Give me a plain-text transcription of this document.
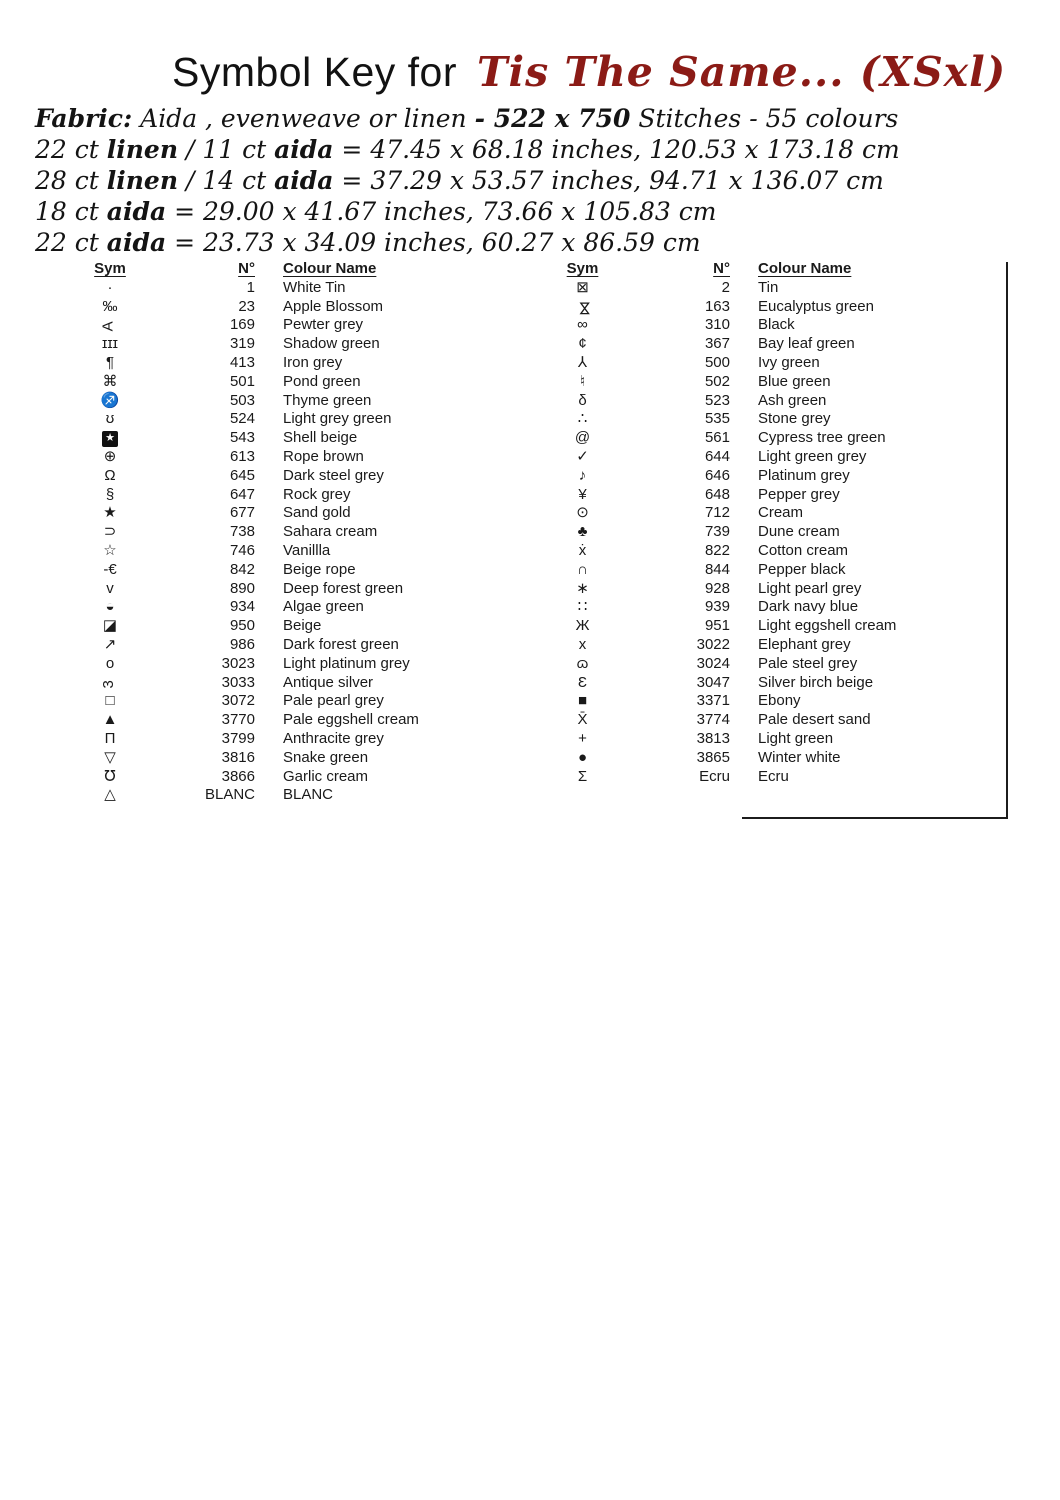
Symbol Key for Tis The Same... (XSxl)
Fabric: Aida , evenweave or linen - 522 x 750 Stitches - 55 colours
22 ct linen / 11 ct aida = 47.45 x 68.18 inches, 120.53 x 173.18 cm
28 ct linen / 14 ct aida = 37.29 x 53.57 inches, 94.71 x 136.07 cm
18 ct aida = 29.00 x 41.67 inches, 73.66 x 105.83 cm
22 ct aida = 23.73 x 34.09 inches, 60.27 x 86.59 cm
Sym	N°	Colour Name
·	1	White Tin
‰	23	Apple Blossom
A	169	Pewter grey
ɪɪɪ	319	Shadow green
¶	413	Iron grey
⌘	501	Pond green
♐	503	Thyme green
ʊ	524	Light grey green
★	543	Shell beige
⊕	613	Rope brown
Ω	645	Dark steel grey
§	647	Rock grey
★	677	Sand gold
⊃	738	Sahara cream
☆	746	Vanillla
-€	842	Beige rope
ᴠ	890	Deep forest green
◒	934	Algae green
◪	950	Beige
↗	986	Dark forest green
o	3023	Light platinum grey
3	3033	Antique silver
□	3072	Pale pearl grey
▲	3770	Pale eggshell cream
Π	3799	Anthracite grey
▽	3816	Snake green
℧	3866	Garlic cream
△	BLANC	BLANC
Sym	N°	Colour Name
⊠	2	Tin
⋈	163	Eucalyptus green
∞	310	Black
¢	367	Bay leaf green
⅄	500	Ivy green
♮	502	Blue green
δ	523	Ash green
∴	535	Stone grey
@	561	Cypress tree green
✓	644	Light green grey
♪	646	Platinum grey
¥	648	Pepper grey
⊙	712	Cream
♣	739	Dune cream
ẋ	822	Cotton cream
∩	844	Pepper black
∗	928	Light pearl grey
∷	939	Dark navy blue
Ж	951	Light eggshell cream
x	3022	Elephant grey
ɷ	3024	Pale steel grey
Ɛ	3047	Silver birch beige
■	3371	Ebony
X̄	3774	Pale desert sand
+	3813	Light green
●	3865	Winter white
Σ	Ecru	Ecru
